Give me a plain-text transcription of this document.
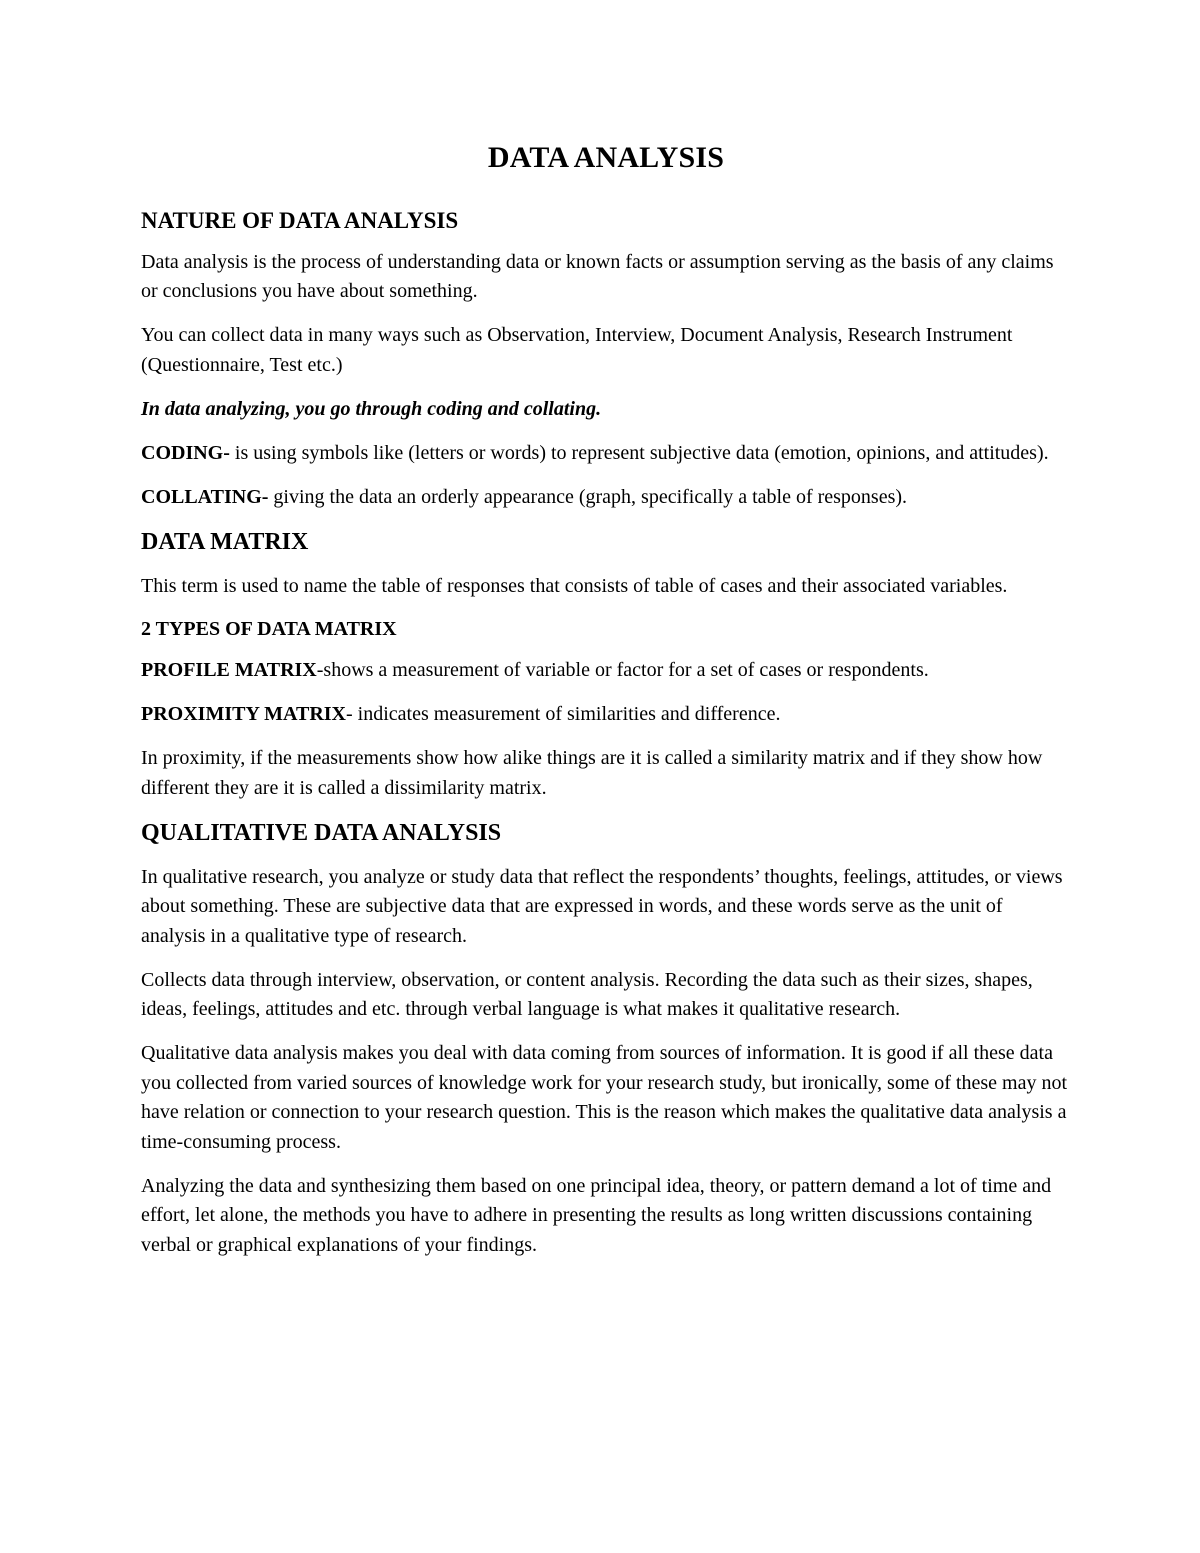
DATA ANALYSIS
NATURE OF DATA ANALYSIS

Data analysis is the process of understanding data or known facts or assumption serving as the basis of any claims or conclusions you have about something.

You can collect data in many ways such as Observation, Interview, Document Analysis, Research Instrument (Questionnaire, Test etc.)

In data analyzing, you go through coding and collating.

CODING- is using symbols like (letters or words) to represent subjective data (emotion, opinions, and attitudes).

COLLATING- giving the data an orderly appearance (graph, specifically a table of responses).

DATA MATRIX

This term is used to name the table of responses that consists of table of cases and their associated variables.

2 TYPES OF DATA MATRIX

PROFILE MATRIX-shows a measurement of variable or factor for a set of cases or respondents.

PROXIMITY MATRIX- indicates measurement of similarities and difference.

In proximity, if the measurements show how alike things are it is called a similarity matrix and if they show how different they are it is called a dissimilarity matrix.

QUALITATIVE DATA ANALYSIS

In qualitative research, you analyze or study data that reflect the respondents’ thoughts, feelings, attitudes, or views about something. These are subjective data that are expressed in words, and these words serve as the unit of analysis in a qualitative type of research.

Collects data through interview, observation, or content analysis. Recording the data such as their sizes, shapes, ideas, feelings, attitudes and etc. through verbal language is what makes it qualitative research.

Qualitative data analysis makes you deal with data coming from sources of information. It is good if all these data you collected from varied sources of knowledge work for your research study, but ironically, some of these may not have relation or connection to your research question. This is the reason which makes the qualitative data analysis a time-consuming process.

Analyzing the data and synthesizing them based on one principal idea, theory, or pattern demand a lot of time and effort, let alone, the methods you have to adhere in presenting the results as long written discussions containing verbal or graphical explanations of your findings.
